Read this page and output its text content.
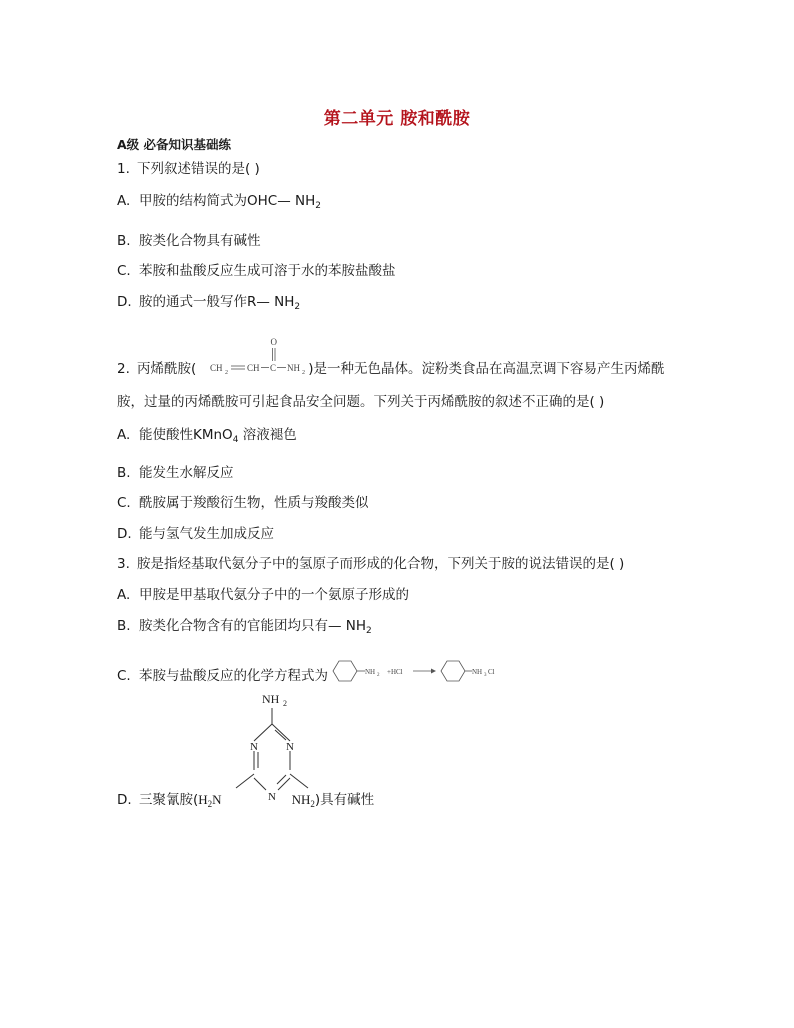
第二单元 胺和酰胺
A级 必备知识基础练
1. 下列叙述错误的是( )
A. 甲胺的结构简式为OHC— $NH_2$
B. 胺类化合物具有碱性
C. 苯胺和盐酸反应生成可溶于水的苯胺盐酸盐
D. 胺的通式一般写作R— $NH_2$
2. 丙烯酰胺(	)是一种无色晶体。淀粉类食品在高温烹调下容易产生丙烯酰
CH 2 CH C
O
NH 2
胺，过量的丙烯酰胺可引起食品安全问题。下列关于丙烯酰胺的叙述不正确的是( )
A. 能使酸性KMnO$_4$ 溶液褪色
B. 能发生水解反应
C. 酰胺属于羧酸衍生物，性质与羧酸类似
D. 能与氢气发生加成反应
3. 胺是指烃基取代氨分子中的氢原子而形成的化合物，下列关于胺的说法错误的是( )
A. 甲胺是甲基取代氨分子中的一个氨原子形成的
B. 胺类化合物含有的官能团均只有— $NH_2$
C. 苯胺与盐酸反应的化学方程式为	NH 2 +HCl	NH 3 Cl
NH 2
N
N
N
D. 三聚氰胺($H_2N$	$NH_2$)具有碱性
